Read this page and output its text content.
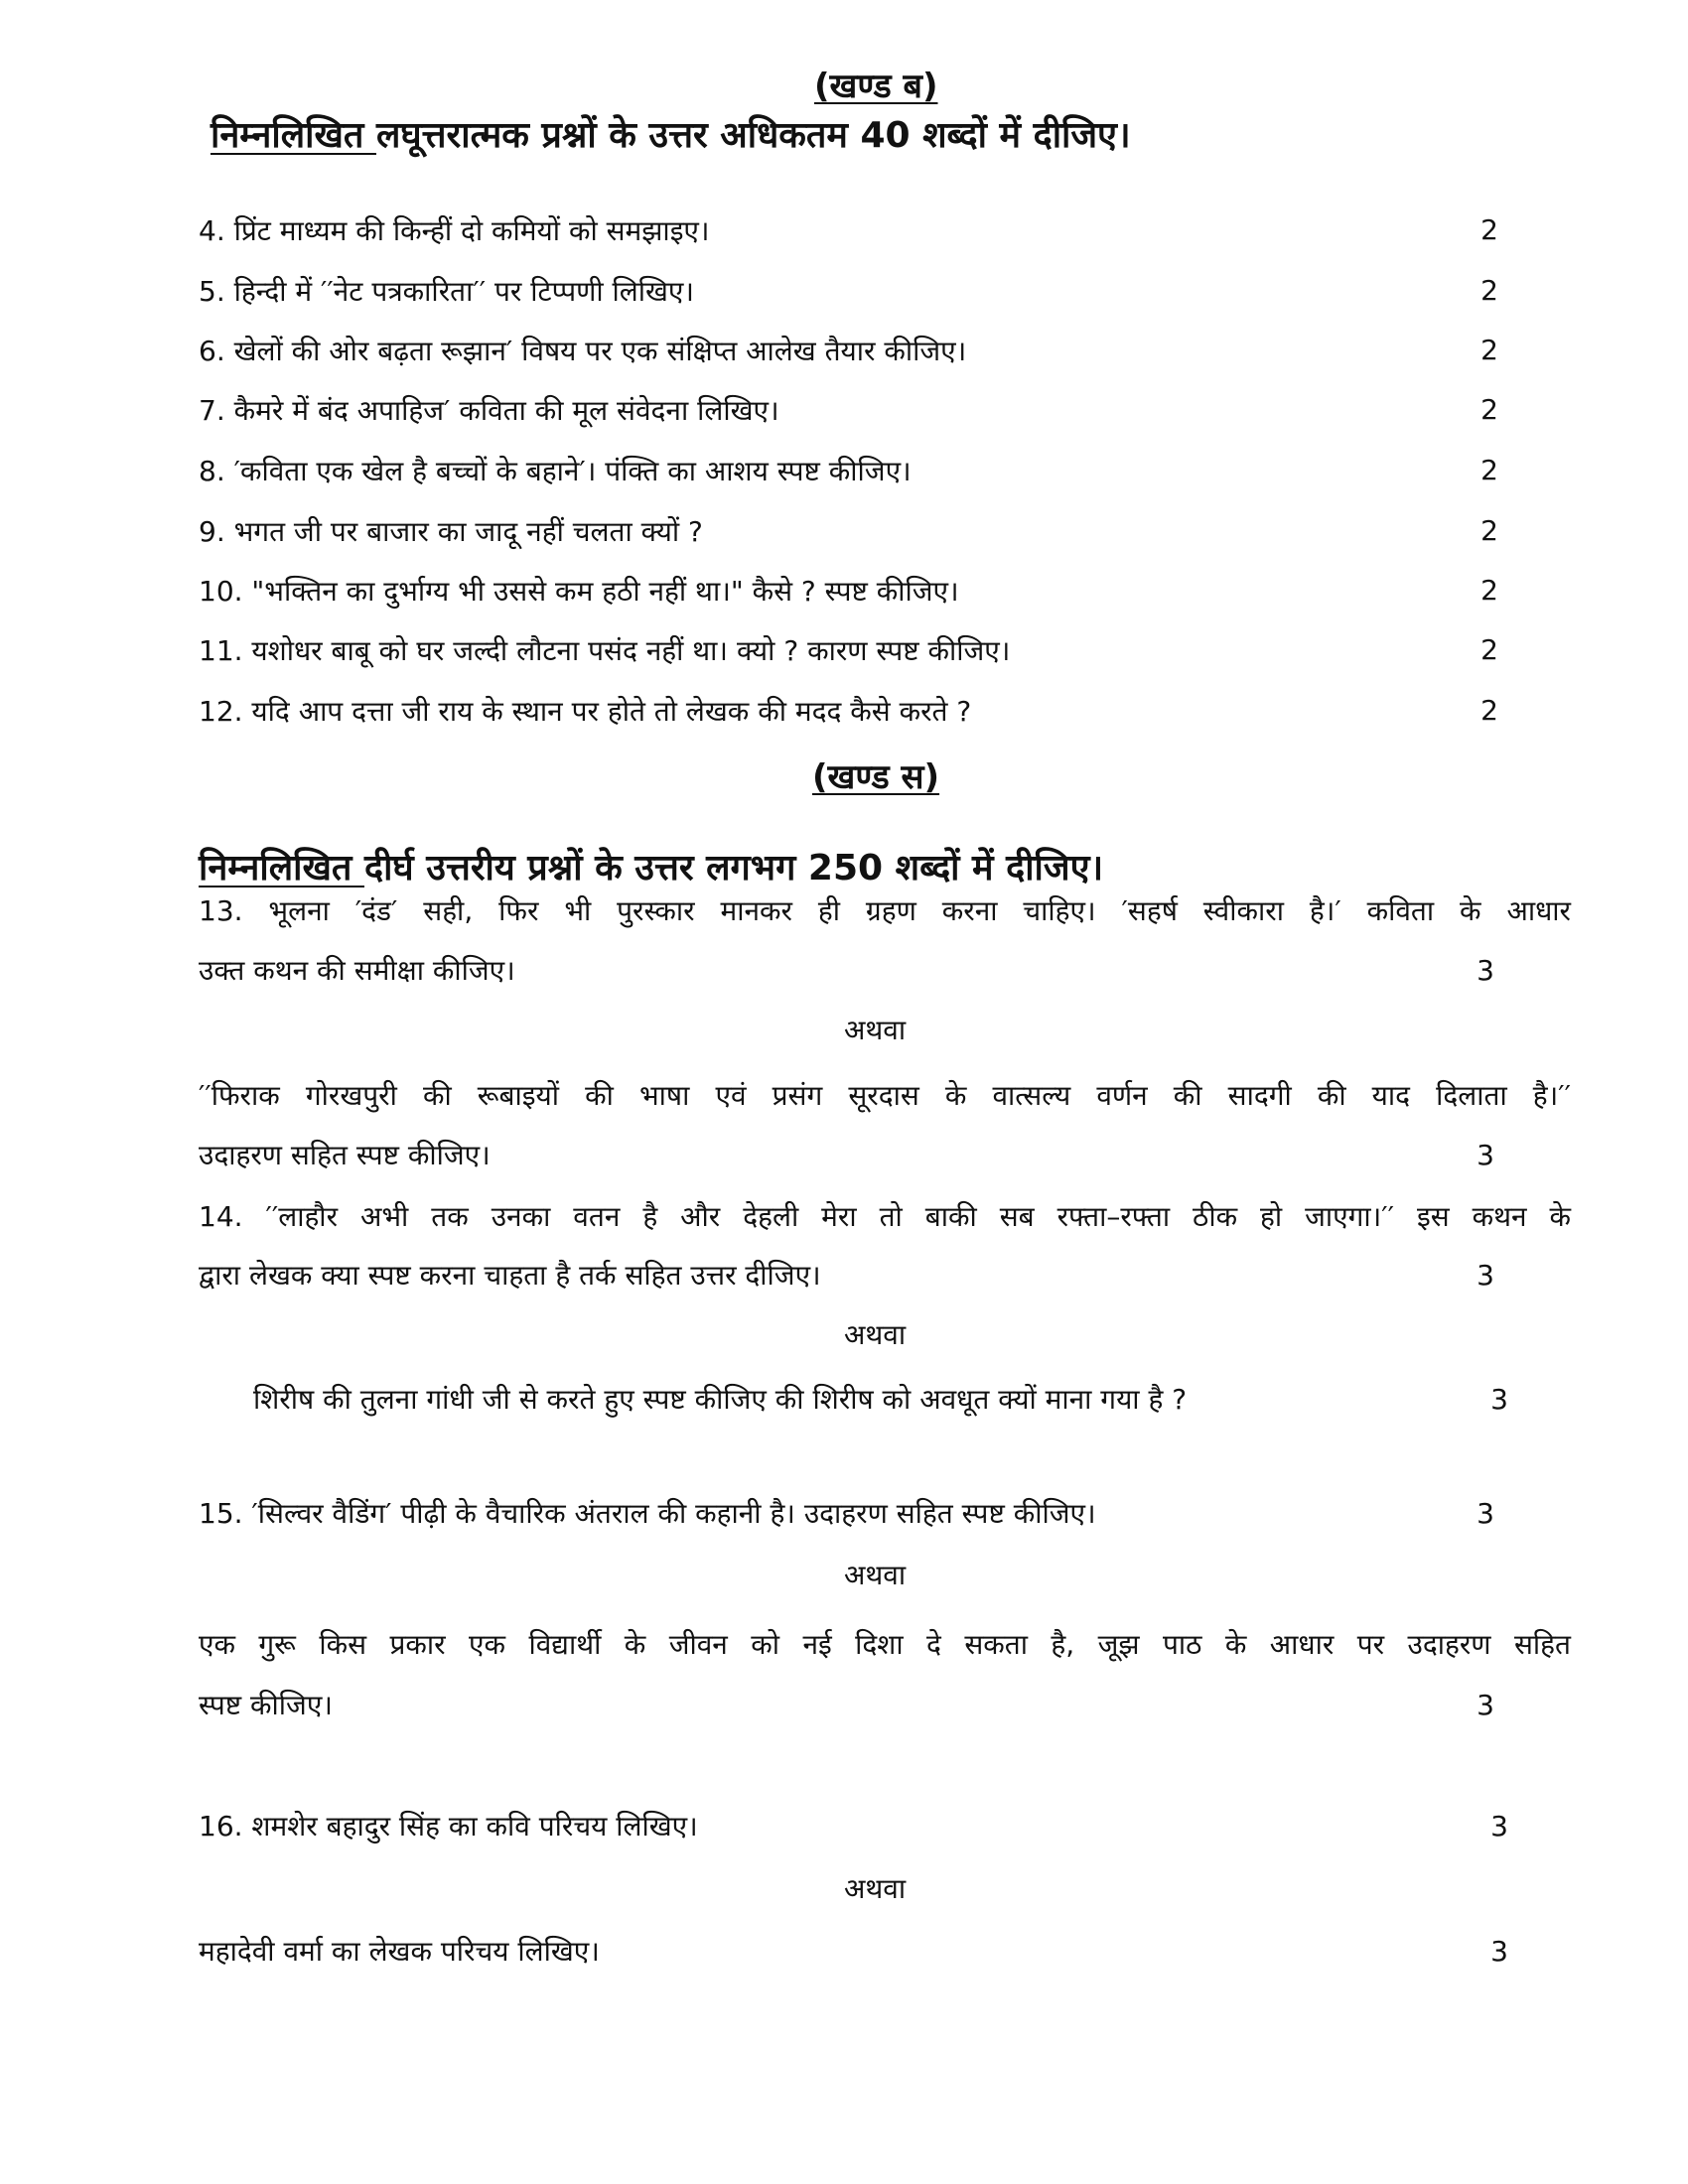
(खण्ड ब)
निम्नलिखित लघूत्तरात्मक प्रश्नों के उत्तर अधिकतम 40 शब्दों में दीजिए।
4. प्रिंट माध्यम की किन्हीं दो कमियों को समझाइए।	2
5. हिन्दी में ′′नेट पत्रकारिता′′ पर टिप्पणी लिखिए।	2
6. खेलों की ओर बढ़ता रूझान′ विषय पर एक संक्षिप्त आलेख तैयार कीजिए।	2
7. कैमरे में बंद अपाहिज′ कविता की मूल संवेदना लिखिए।	2
8. ′कविता एक खेल है बच्चों के बहाने′। पंक्ति का आशय स्पष्ट कीजिए।	2
9. भगत जी पर बाजार का जादू नहीं चलता क्यों ?	2
10. "भक्तिन का दुर्भाग्य भी उससे कम हठी नहीं था।" कैसे ? स्पष्ट कीजिए।	2
11. यशोधर बाबू को घर जल्दी लौटना पसंद नहीं था। क्यो ? कारण स्पष्ट कीजिए।	2
12. यदि आप दत्ता जी राय के स्थान पर होते तो लेखक की मदद कैसे करते ?	2
(खण्ड स)
निम्नलिखित दीर्घ उत्तरीय प्रश्नों के उत्तर लगभग 250 शब्दों में दीजिए।
13. भूलना ′दंड′ सही, फिर भी पुरस्कार मानकर ही ग्रहण करना चाहिए। ′सहर्ष स्वीकारा है।′ कविता के आधार
उक्त कथन की समीक्षा कीजिए।	3
अथवा
′′फिराक गोरखपुरी की रूबाइयों की भाषा एवं प्रसंग सूरदास के वात्सल्य वर्णन की सादगी की याद दिलाता है।′′
उदाहरण सहित स्पष्ट कीजिए।	3
14. ′′लाहौर अभी तक उनका वतन है और देहली मेरा तो बाकी सब रफ्ता–रफ्ता ठीक हो जाएगा।′′ इस कथन के
द्वारा लेखक क्या स्पष्ट करना चाहता है तर्क सहित उत्तर दीजिए।	3
अथवा
शिरीष की तुलना गांधी जी से करते हुए स्पष्ट कीजिए की शिरीष को अवधूत क्यों माना गया है ?	3
15. ′सिल्वर वैडिंग′ पीढ़ी के वैचारिक अंतराल की कहानी है। उदाहरण सहित स्पष्ट कीजिए।	3
अथवा
एक गुरू किस प्रकार एक विद्यार्थी के जीवन को नई दिशा दे सकता है, जूझ पाठ के आधार पर उदाहरण सहित
स्पष्ट कीजिए।	3
16. शमशेर बहादुर सिंह का कवि परिचय लिखिए।	3
अथवा
महादेवी वर्मा का लेखक परिचय लिखिए।	3
